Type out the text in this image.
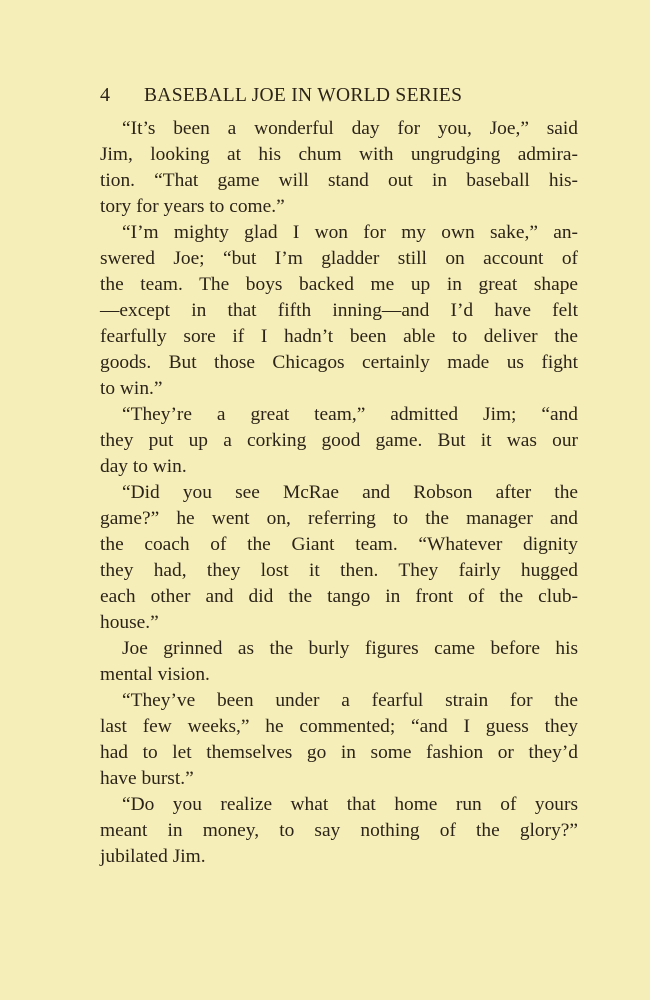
4	BASEBALL JOE IN WORLD SERIES
“It’s been a wonderful day for you, Joe,” said
Jim, looking at his chum with ungrudging admira-
tion. “That game will stand out in baseball his-
tory for years to come.”
“I’m mighty glad I won for my own sake,” an-
swered Joe; “but I’m gladder still on account of
the team. The boys backed me up in great shape
—except in that fifth inning—and I’d have felt
fearfully sore if I hadn’t been able to deliver the
goods. But those Chicagos certainly made us fight
to win.”
“They’re a great team,” admitted Jim; “and
they put up a corking good game. But it was our
day to win.
“Did you see McRae and Robson after the
game?” he went on, referring to the manager and
the coach of the Giant team. “Whatever dignity
they had, they lost it then. They fairly hugged
each other and did the tango in front of the club-
house.”
Joe grinned as the burly figures came before his
mental vision.
“They’ve been under a fearful strain for the
last few weeks,” he commented; “and I guess they
had to let themselves go in some fashion or they’d
have burst.”
“Do you realize what that home run of yours
meant in money, to say nothing of the glory?”
jubilated Jim.
